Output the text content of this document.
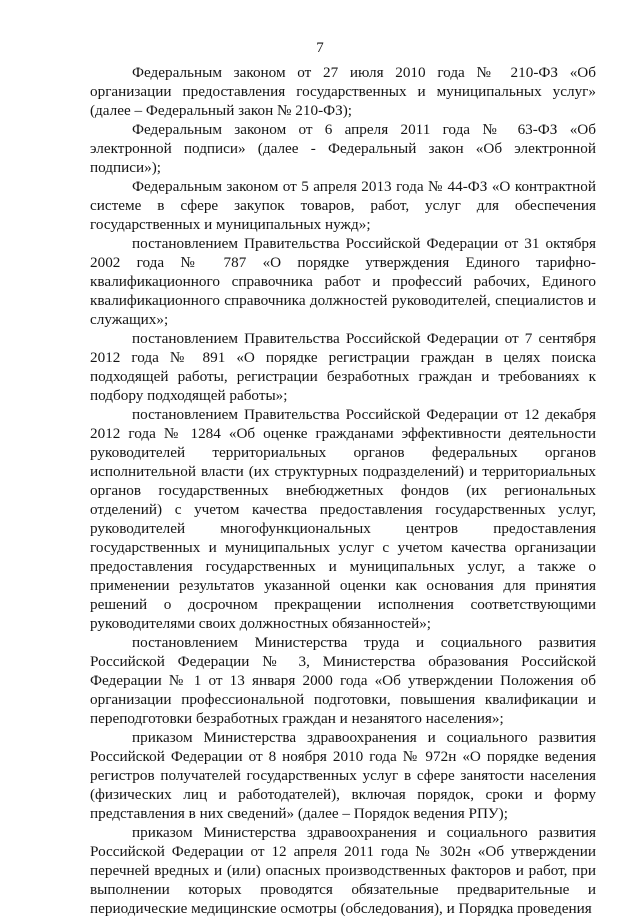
7

Федеральным законом от 27 июля 2010 года № 210-ФЗ «Об организации предоставления государственных и муниципальных услуг» (далее – Федеральный закон № 210-ФЗ);

Федеральным законом от 6 апреля 2011 года № 63-ФЗ «Об электронной подписи» (далее - Федеральный закон «Об электронной подписи»);

Федеральным законом от 5 апреля 2013 года № 44-ФЗ «О контрактной системе в сфере закупок товаров, работ, услуг для обеспечения государственных и муниципальных нужд»;

постановлением Правительства Российской Федерации от 31 октября 2002 года № 787 «О порядке утверждения Единого тарифно-квалификационного справочника работ и профессий рабочих, Единого квалификационного справочника должностей руководителей, специалистов и служащих»;

постановлением Правительства Российской Федерации от 7 сентября 2012 года № 891 «О порядке регистрации граждан в целях поиска подходящей работы, регистрации безработных граждан и требованиях к подбору подходящей работы»;

постановлением Правительства Российской Федерации от 12 декабря 2012 года № 1284 «Об оценке гражданами эффективности деятельности руководителей территориальных органов федеральных органов исполнительной власти (их структурных подразделений) и территориальных органов государственных внебюджетных фондов (их региональных отделений) с учетом качества предоставления государственных услуг, руководителей многофункциональных центров предоставления государственных и муниципальных услуг с учетом качества организации предоставления государственных и муниципальных услуг, а также о применении результатов указанной оценки как основания для принятия решений о досрочном прекращении исполнения соответствующими руководителями своих должностных обязанностей»;

постановлением Министерства труда и социального развития Российской Федерации № 3, Министерства образования Российской Федерации № 1 от 13 января 2000 года «Об утверждении Положения об организации профессиональной подготовки, повышения квалификации и переподготовки безработных граждан и незанятого населения»;

приказом Министерства здравоохранения и социального развития Российской Федерации от 8 ноября 2010 года № 972н «О порядке ведения регистров получателей государственных услуг в сфере занятости населения (физических лиц и работодателей), включая порядок, сроки и форму представления в них сведений» (далее – Порядок ведения РПУ);

приказом Министерства здравоохранения и социального развития Российской Федерации от 12 апреля 2011 года № 302н «Об утверждении перечней вредных и (или) опасных производственных факторов и работ, при выполнении которых проводятся обязательные предварительные и периодические медицинские осмотры (обследования), и Порядка проведения
